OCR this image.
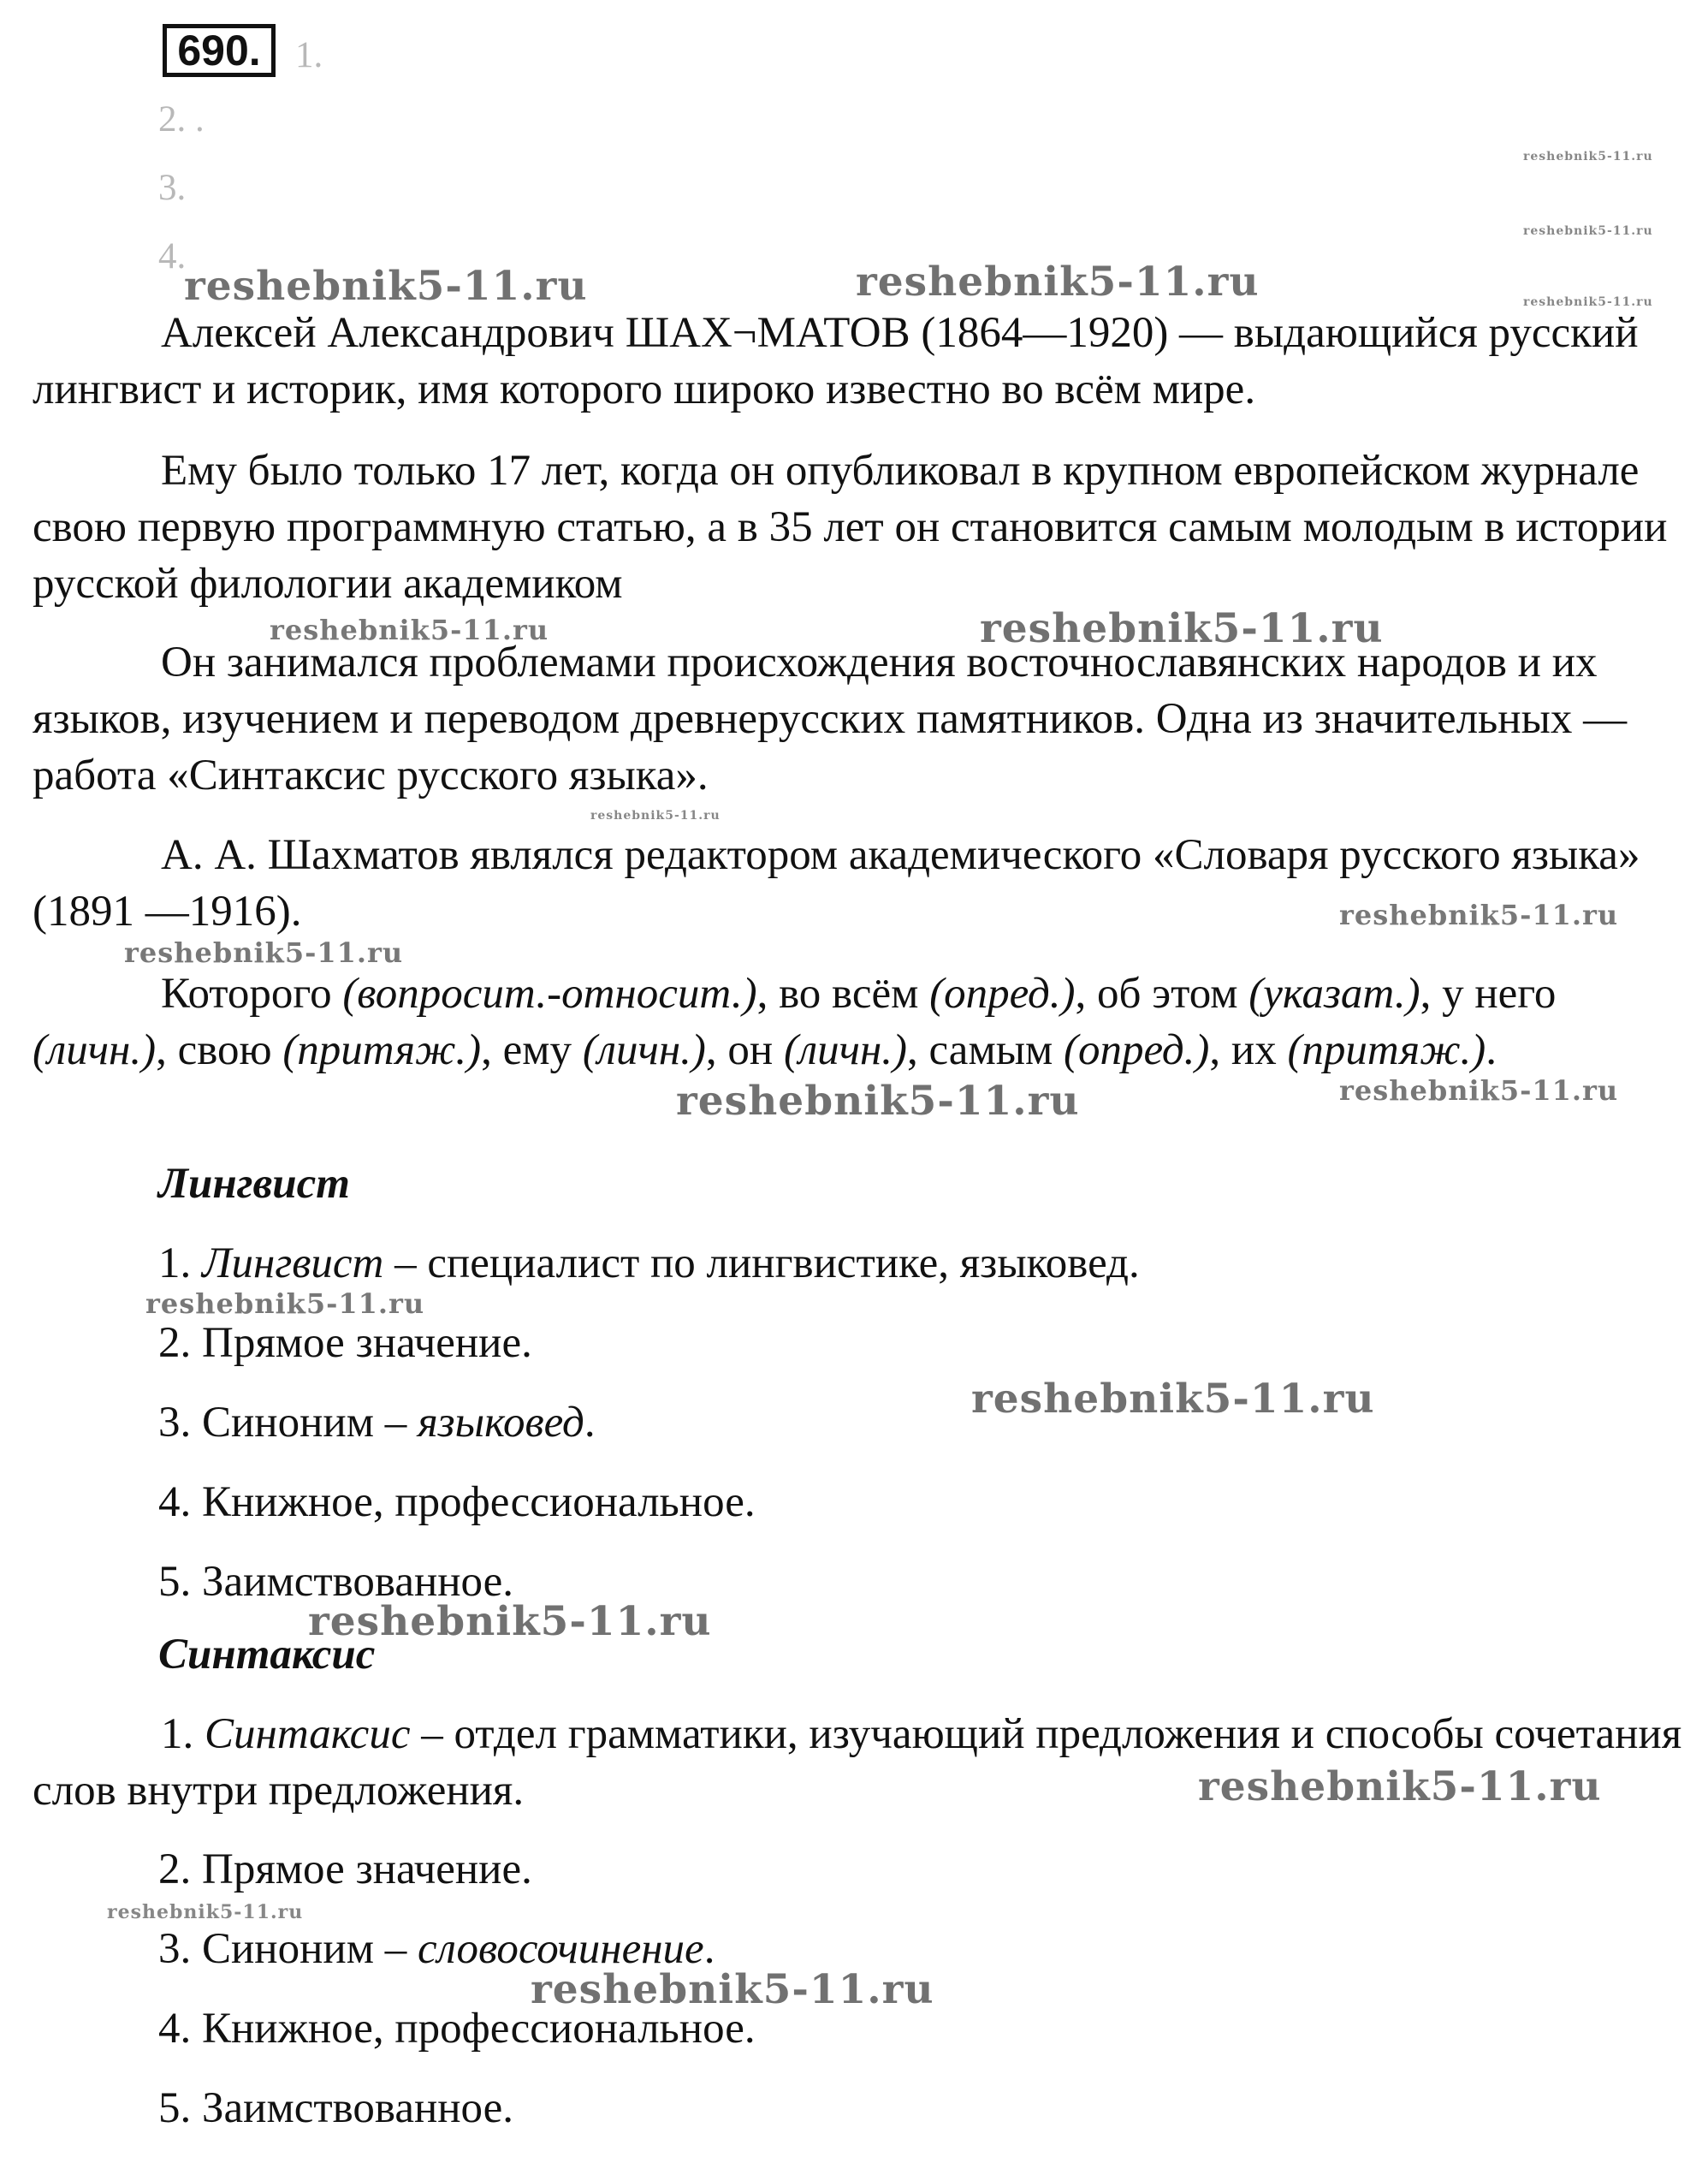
690. 1.
2. .
3.
4.

Алексей Александрович ШАХ¬МАТОВ (1864—1920) — выдающийся русский лингвист и историк, имя которого широко известно во всём мире.

Ему было только 17 лет, когда он опубликовал в крупном европейском журнале свою первую программную статью, а в 35 лет он становится самым молодым в истории русской филологии академиком

Он занимался проблемами происхождения восточнославянских народов и их языков, изучением и переводом древнерусских памятников. Одна из значительных — работа «Синтаксис русского языка».

А. А. Шахматов являлся редактором академического «Словаря русского языка» (1891 —1916).

Которого (вопросит.-относит.), во всём (опред.), об этом (указат.), у него (личн.), свою (притяж.), ему (личн.), он (личн.), самым (опред.), их (притяж.).

Лингвист

1. Лингвист – специалист по лингвистике, языковед.

2. Прямое значение.

3. Синоним – языковед.

4. Книжное, профессиональное.

5. Заимствованное.

Синтаксис

1. Синтаксис – отдел грамматики, изучающий предложения и способы сочетания слов внутри предложения.

2. Прямое значение.

3. Синоним – словосочинение.

4. Книжное, профессиональное.

5. Заимствованное.

reshebnik5-11.ru	reshebnik5-11.ru
reshebnik5-11.ru
reshebnik5-11.ru
reshebnik5-11.ru
reshebnik5-11.ru	reshebnik5-11.ru
reshebnik5-11.ru
reshebnik5-11.ru
reshebnik5-11.ru
reshebnik5-11.ru	reshebnik5-11.ru
reshebnik5-11.ru
reshebnik5-11.ru
reshebnik5-11.ru
reshebnik5-11.ru
reshebnik5-11.ru
reshebnik5-11.ru
